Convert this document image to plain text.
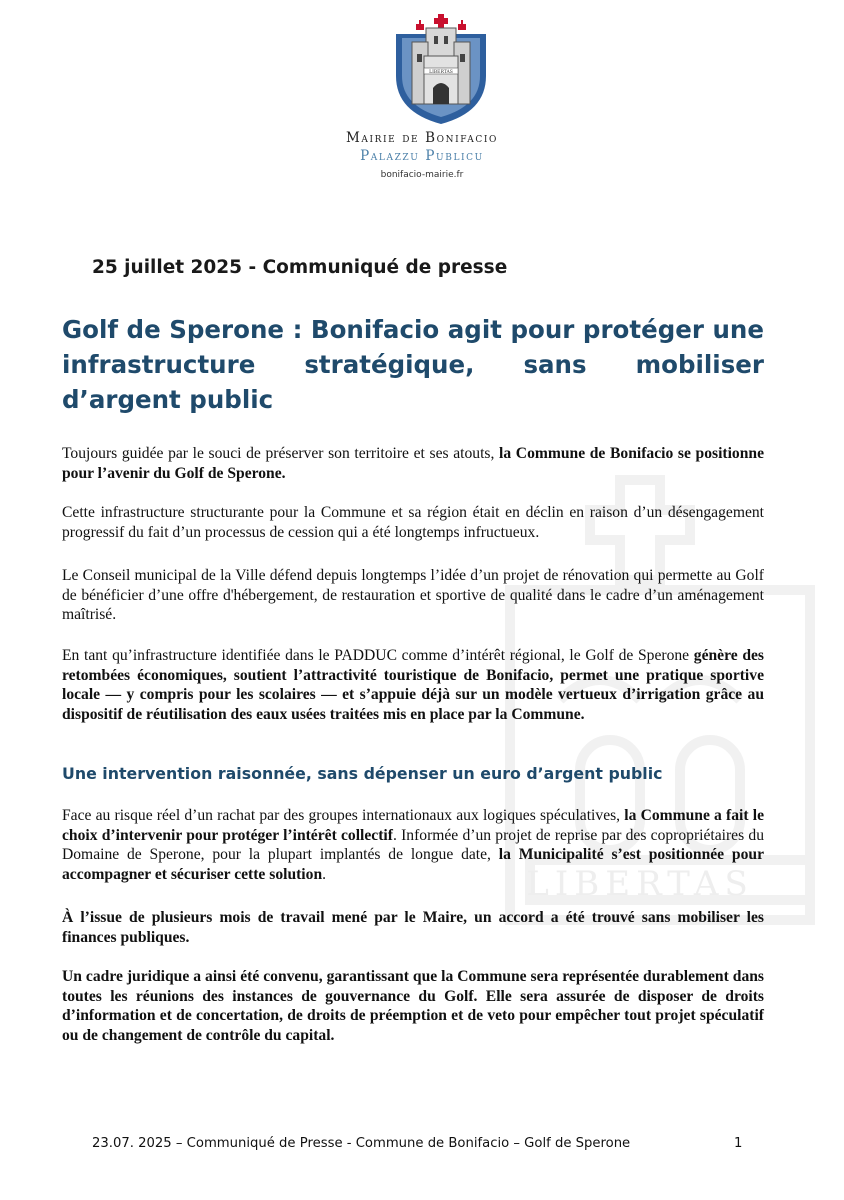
LIBERTAS
LIBERTAS
Mairie de Bonifacio
Palazzu Publicu
bonifacio-mairie.fr
25 juillet 2025 - Communiqué de presse
Golf de Sperone : Bonifacio agit pour protéger une infrastructure stratégique, sans mobiliser d’argent public

Toujours guidée par le souci de préserver son territoire et ses atouts, la Commune de Bonifacio se positionne pour l’avenir du Golf de Sperone.

Cette infrastructure structurante pour la Commune et sa région était en déclin en raison d’un désengagement progressif du fait d’un processus de cession qui a été longtemps infructueux.

Le Conseil municipal de la Ville défend depuis longtemps l’idée d’un projet de rénovation qui permette au Golf de bénéficier d’une offre d'hébergement, de restauration et sportive de qualité dans le cadre d’un aménagement maîtrisé.

En tant qu’infrastructure identifiée dans le PADDUC comme d’intérêt régional, le Golf de Sperone génère des retombées économiques, soutient l’attractivité touristique de Bonifacio, permet une pratique sportive locale — y compris pour les scolaires — et s’appuie déjà sur un modèle vertueux d’irrigation grâce au dispositif de réutilisation des eaux usées traitées mis en place par la Commune.

Une intervention raisonnée, sans dépenser un euro d’argent public

Face au risque réel d’un rachat par des groupes internationaux aux logiques spéculatives, la Commune a fait le choix d’intervenir pour protéger l’intérêt collectif. Informée d’un projet de reprise par des copropriétaires du Domaine de Sperone, pour la plupart implantés de longue date, la Municipalité s’est positionnée pour accompagner et sécuriser cette solution.

À l’issue de plusieurs mois de travail mené par le Maire, un accord a été trouvé sans mobiliser les finances publiques.

Un cadre juridique a ainsi été convenu, garantissant que la Commune sera représentée durablement dans toutes les réunions des instances de gouvernance du Golf. Elle sera assurée de disposer de droits d’information et de concertation, de droits de préemption et de veto pour empêcher tout projet spéculatif ou de changement de contrôle du capital.

23.07. 2025 – Communiqué de Presse - Commune de Bonifacio – Golf de Sperone	1
